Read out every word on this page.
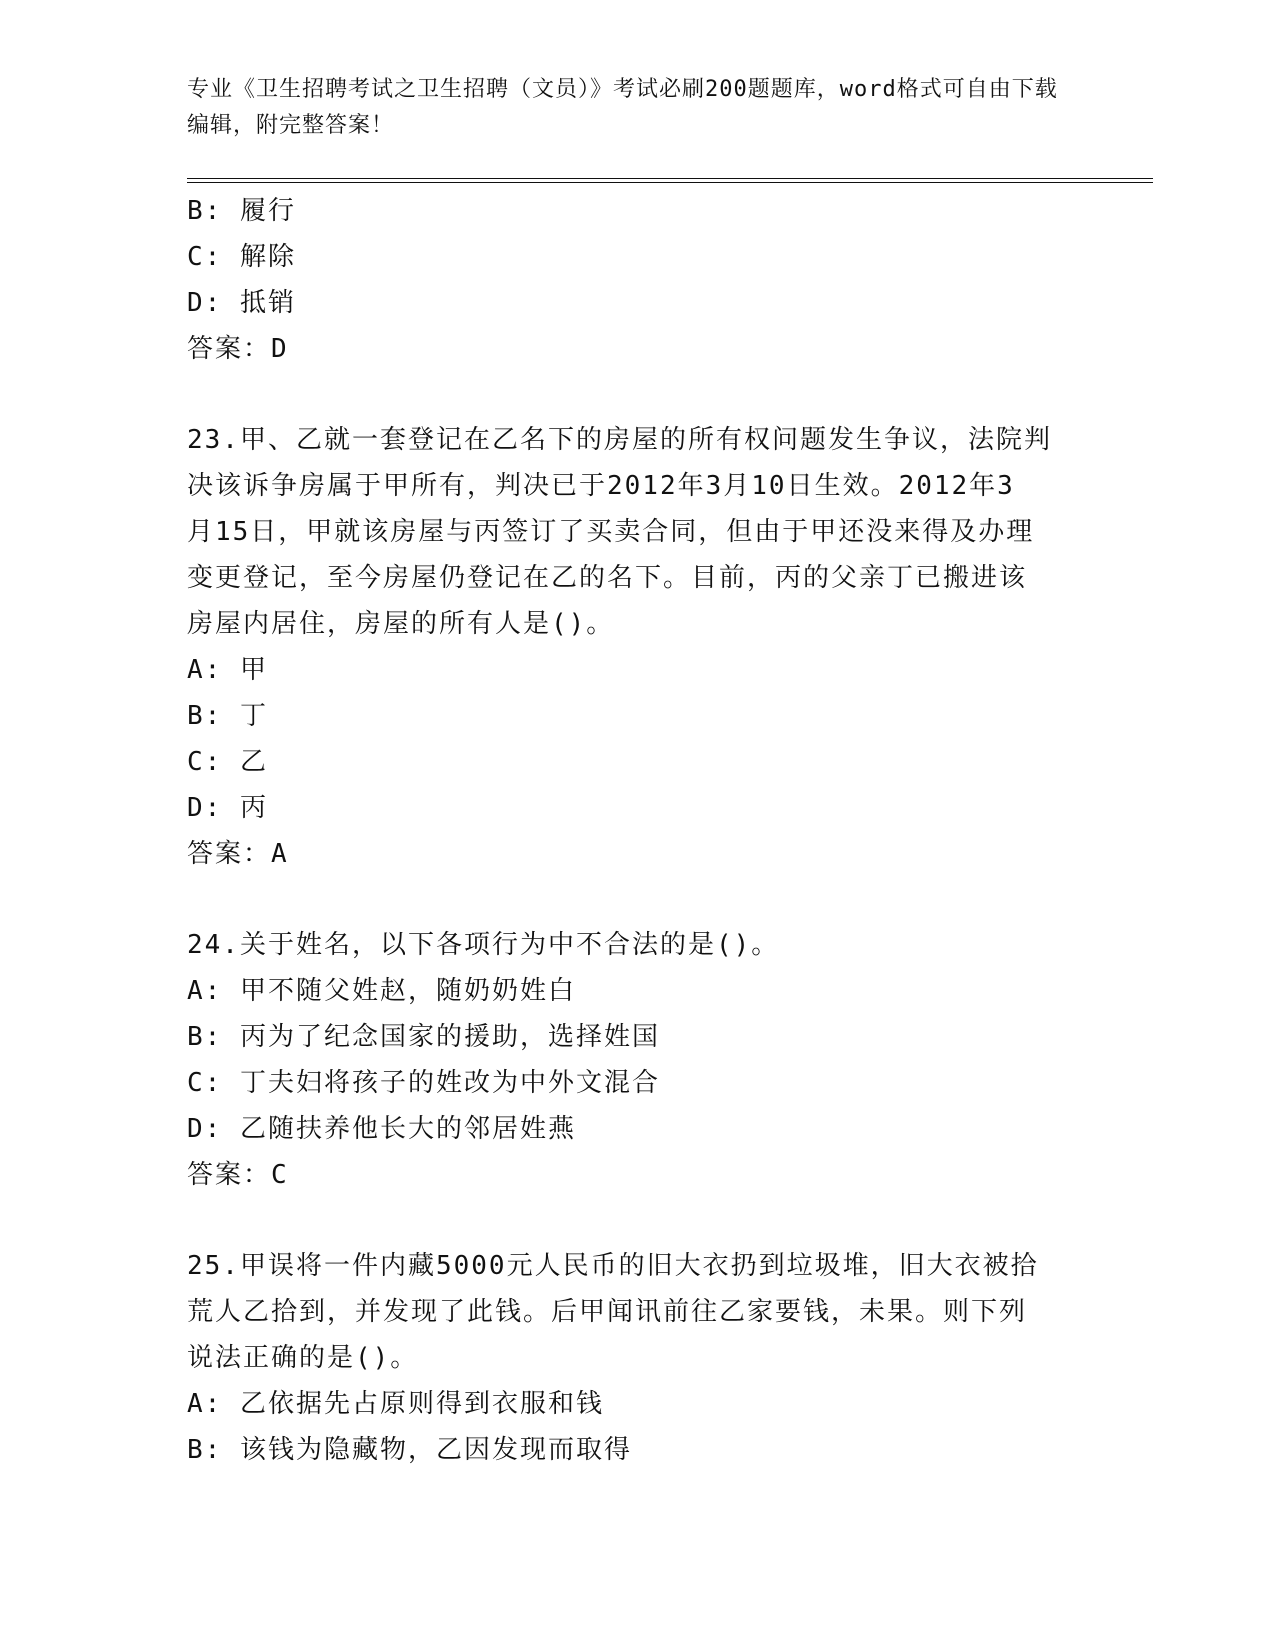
专业《卫生招聘考试之卫生招聘（文员）》考试必刷200题题库，word格式可自由下载编辑，附完整答案！
B: 履行
C: 解除
D: 抵销
答案：D
23.甲、乙就一套登记在乙名下的房屋的所有权问题发生争议，法院判
决该诉争房属于甲所有，判决已于2012年3月10日生效。2012年3
月15日，甲就该房屋与丙签订了买卖合同，但由于甲还没来得及办理
变更登记，至今房屋仍登记在乙的名下。目前，丙的父亲丁已搬进该
房屋内居住，房屋的所有人是()。
A: 甲
B: 丁
C: 乙
D: 丙
答案：A
24.关于姓名，以下各项行为中不合法的是()。
A: 甲不随父姓赵，随奶奶姓白
B: 丙为了纪念国家的援助，选择姓国
C: 丁夫妇将孩子的姓改为中外文混合
D: 乙随扶养他长大的邻居姓燕
答案：C
25.甲误将一件内藏5000元人民币的旧大衣扔到垃圾堆，旧大衣被拾
荒人乙拾到，并发现了此钱。后甲闻讯前往乙家要钱，未果。则下列
说法正确的是()。
A: 乙依据先占原则得到衣服和钱
B: 该钱为隐藏物，乙因发现而取得
